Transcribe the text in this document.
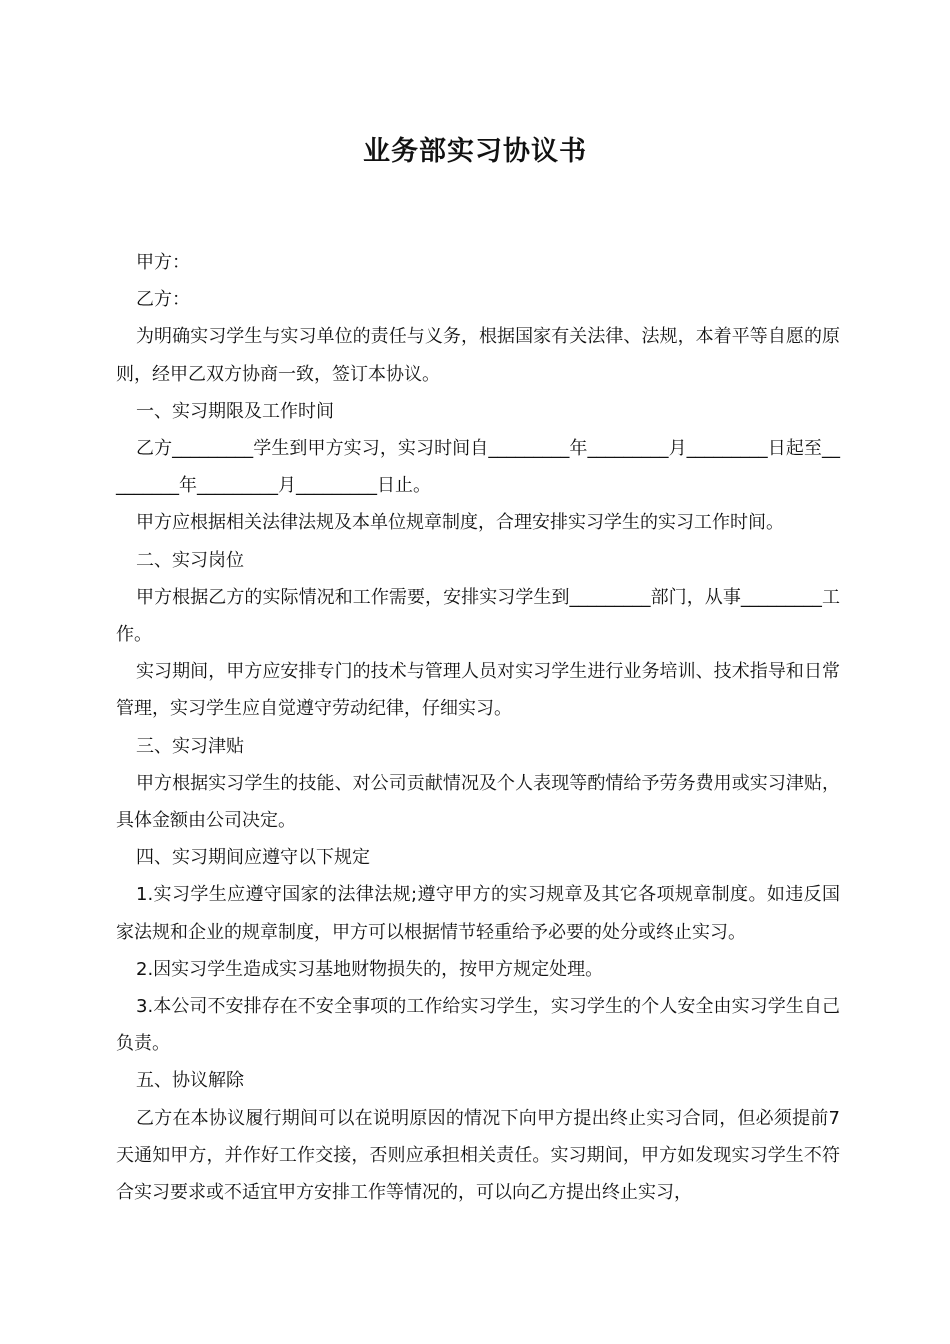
业务部实习协议书

甲方：

乙方：

为明确实习学生与实习单位的责任与义务，根据国家有关法律、法规，本着平等自愿的原则，经甲乙双方协商一致，签订本协议。

一、实习期限及工作时间

乙方_________学生到甲方实习，实习时间自_________年_________月_________日起至_________年_________月_________日止。

甲方应根据相关法律法规及本单位规章制度，合理安排实习学生的实习工作时间。

二、实习岗位

甲方根据乙方的实际情况和工作需要，安排实习学生到_________部门，从事_________工作。

实习期间，甲方应安排专门的技术与管理人员对实习学生进行业务培训、技术指导和日常管理，实习学生应自觉遵守劳动纪律，仔细实习。

三、实习津贴

甲方根据实习学生的技能、对公司贡献情况及个人表现等酌情给予劳务费用或实习津贴，具体金额由公司决定。

四、实习期间应遵守以下规定

1.实习学生应遵守国家的法律法规;遵守甲方的实习规章及其它各项规章制度。如违反国家法规和企业的规章制度，甲方可以根据情节轻重给予必要的处分或终止实习。

2.因实习学生造成实习基地财物损失的，按甲方规定处理。

3.本公司不安排存在不安全事项的工作给实习学生，实习学生的个人安全由实习学生自己负责。

五、协议解除

乙方在本协议履行期间可以在说明原因的情况下向甲方提出终止实习合同，但必须提前7天通知甲方，并作好工作交接，否则应承担相关责任。实习期间，甲方如发现实习学生不符合实习要求或不适宜甲方安排工作等情况的，可以向乙方提出终止实习，
